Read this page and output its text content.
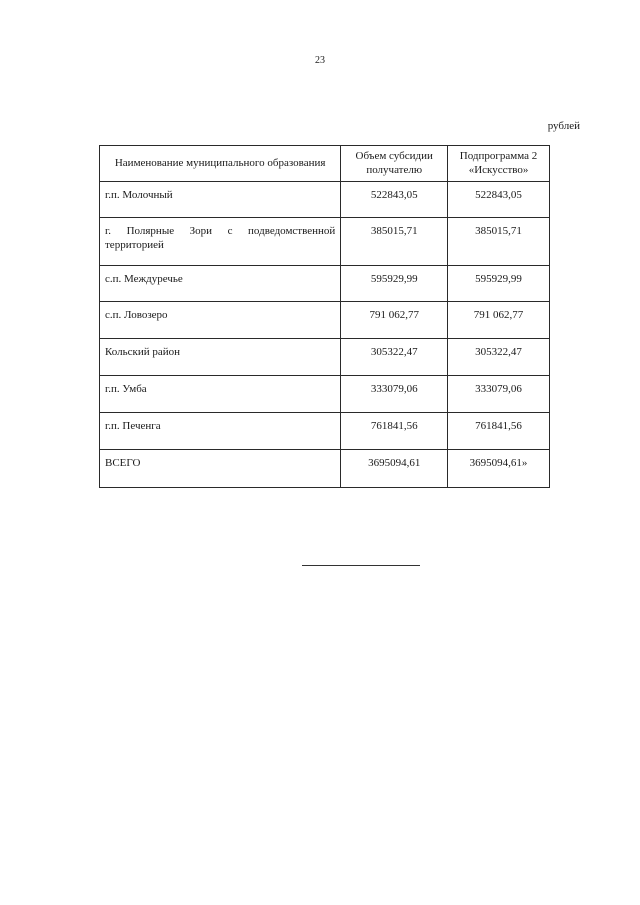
23
рублей
Наименование муниципального образования	Объем субсидии получателю	Подпрограмма 2 «Искусство»
г.п. Молочный	522843,05	522843,05
г. Полярные Зори с подведомственной территорией	385015,71	385015,71
с.п. Междуречье	595929,99	595929,99
с.п. Ловозеро	791 062,77	791 062,77
Кольский район	305322,47	305322,47
г.п. Умба	333079,06	333079,06
г.п. Печенга	761841,56	761841,56
ВСЕГО	3695094,61	3695094,61»
